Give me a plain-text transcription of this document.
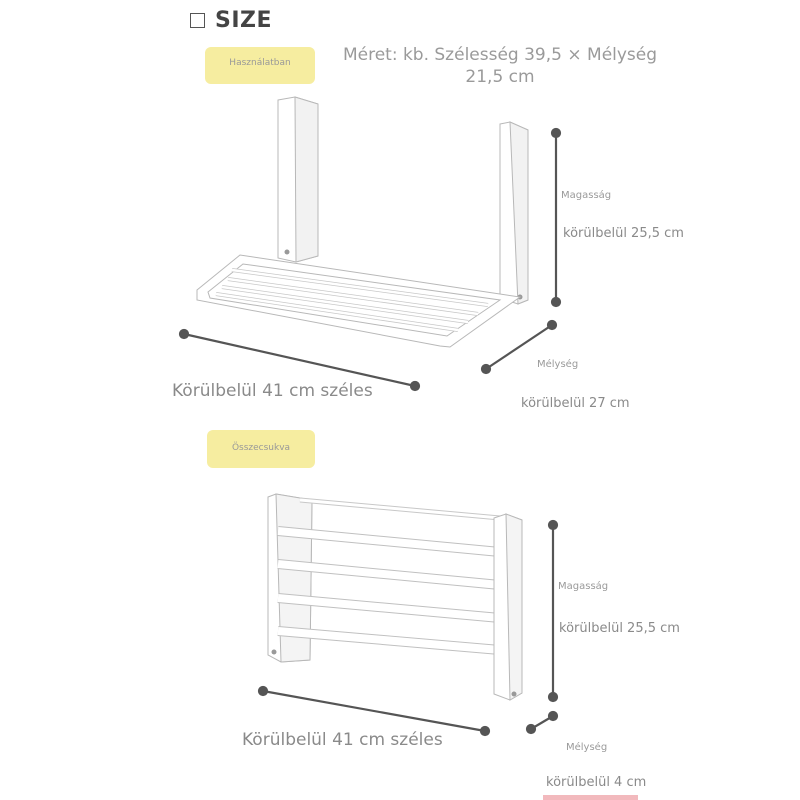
SIZE
Használatban
Összecsukva
Méret: kb. Szélesség 39,5 × Mélység 21,5 cm
Magasság
körülbelül 25,5 cm
Mélység
körülbelül 27 cm
Körülbelül 41 cm széles
Magasság
körülbelül 25,5 cm
Mélység
körülbelül 4 cm
Körülbelül 41 cm széles
